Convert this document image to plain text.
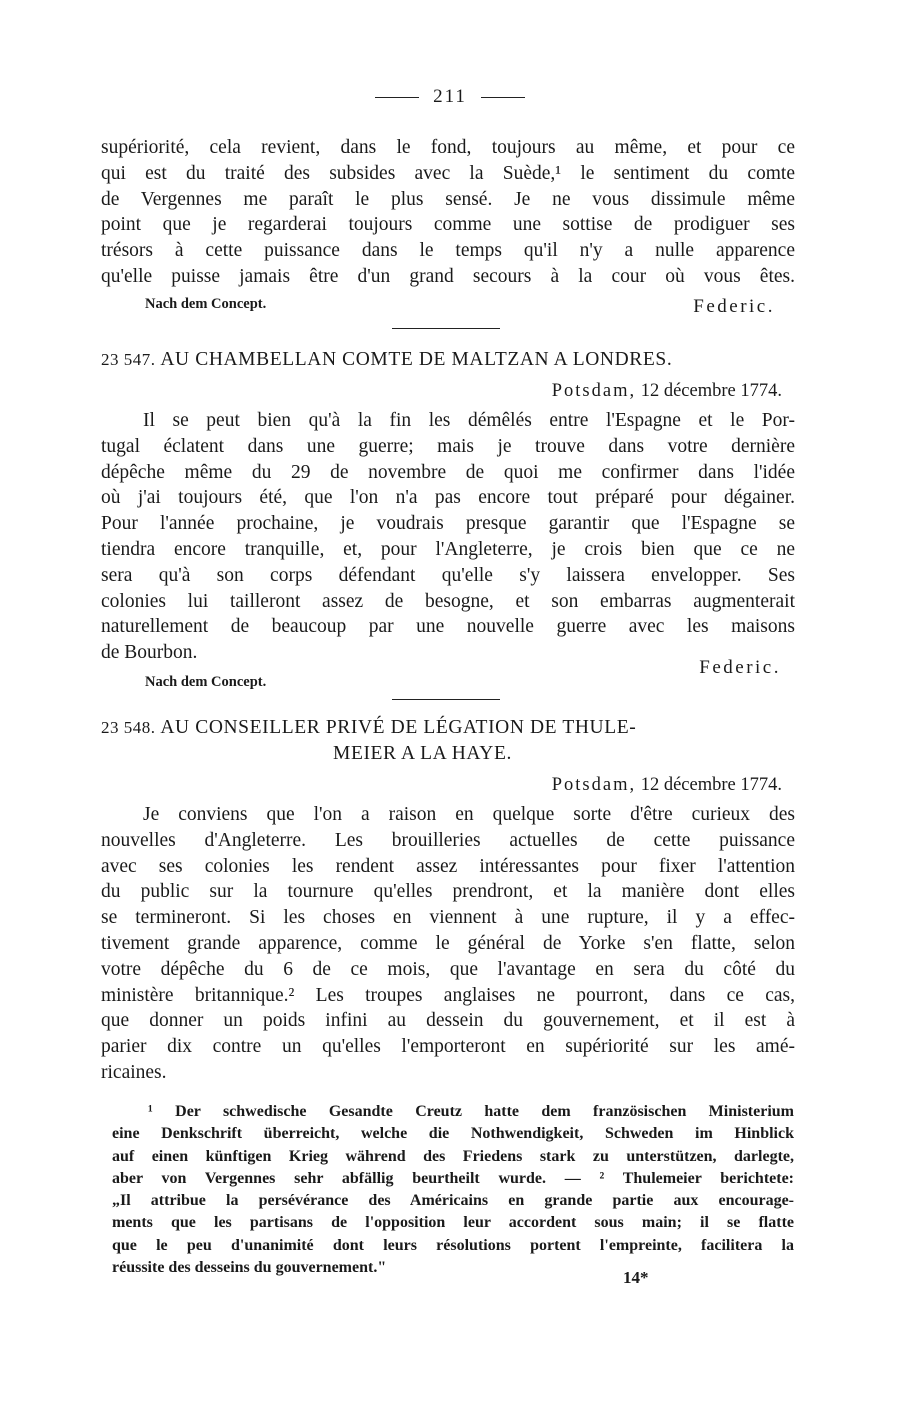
211
supériorité, cela revient, dans le fond, toujours au même, et pour ce
qui est du traité des subsides avec la Suède,¹ le sentiment du comte
de Vergennes me paraît le plus sensé. Je ne vous dissimule même
point que je regarderai toujours comme une sottise de prodiguer ses
trésors à cette puissance dans le temps qu'il n'y a nulle apparence
qu'elle puisse jamais être d'un grand secours à la cour où vous êtes.
Nach dem Concept.	Federic.
23 547. AU CHAMBELLAN COMTE DE MALTZAN A LONDRES.
Potsdam, 12 décembre 1774.
Il se peut bien qu'à la fin les démêlés entre l'Espagne et le Por-
tugal éclatent dans une guerre; mais je trouve dans votre dernière
dépêche même du 29 de novembre de quoi me confirmer dans l'idée
où j'ai toujours été, que l'on n'a pas encore tout préparé pour dégainer.
Pour l'année prochaine, je voudrais presque garantir que l'Espagne se
tiendra encore tranquille, et, pour l'Angleterre, je crois bien que ce ne
sera qu'à son corps défendant qu'elle s'y laissera envelopper. Ses
colonies lui tailleront assez de besogne, et son embarras augmenterait
naturellement de beaucoup par une nouvelle guerre avec les maisons
de Bourbon.
Federic.
Nach dem Concept.
23 548. AU CONSEILLER PRIVÉ DE LÉGATION DE THULE-
MEIER A LA HAYE.
Potsdam, 12 décembre 1774.
Je conviens que l'on a raison en quelque sorte d'être curieux des
nouvelles d'Angleterre. Les brouilleries actuelles de cette puissance
avec ses colonies les rendent assez intéressantes pour fixer l'attention
du public sur la tournure qu'elles prendront, et la manière dont elles
se termineront. Si les choses en viennent à une rupture, il y a effec-
tivement grande apparence, comme le général de Yorke s'en flatte, selon
votre dépêche du 6 de ce mois, que l'avantage en sera du côté du
ministère britannique.² Les troupes anglaises ne pourront, dans ce cas,
que donner un poids infini au dessein du gouvernement, et il est à
parier dix contre un qu'elles l'emporteront en supériorité sur les amé-
ricaines.
¹ Der schwedische Gesandte Creutz hatte dem französischen Ministerium
eine Denkschrift überreicht, welche die Nothwendigkeit, Schweden im Hinblick
auf einen künftigen Krieg während des Friedens stark zu unterstützen, darlegte,
aber von Vergennes sehr abfällig beurtheilt wurde. — ² Thulemeier berichtete:
„Il attribue la persévérance des Américains en grande partie aux encourage-
ments que les partisans de l'opposition leur accordent sous main; il se flatte
que le peu d'unanimité dont leurs résolutions portent l'empreinte, facilitera la
réussite des desseins du gouvernement."
14*
